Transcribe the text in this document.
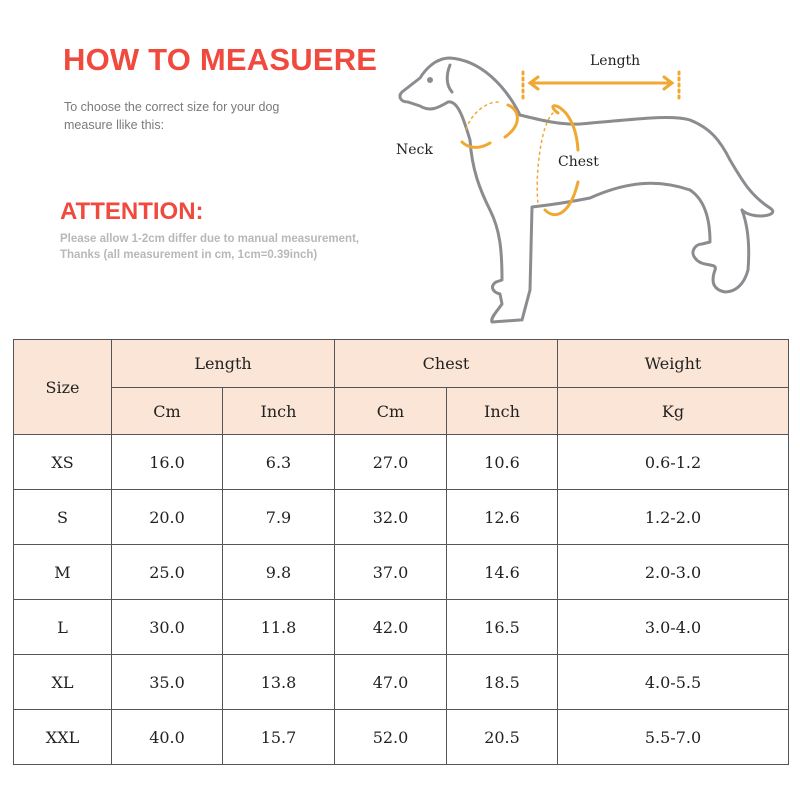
HOW TO MEASUERE
To choose the correct size for your dog
measure llike this:
ATTENTION:
Please allow 1-2cm differ due to manual measurement,
Thanks (all measurement in cm, 1cm=0.39inch)
Length
Neck
Chest
Size	Length		Chest		Weight
	Cm	Inch	Cm	Inch	Kg
XS	16.0	6.3	27.0	10.6	0.6-1.2
S	20.0	7.9	32.0	12.6	1.2-2.0
M	25.0	9.8	37.0	14.6	2.0-3.0
L	30.0	11.8	42.0	16.5	3.0-4.0
XL	35.0	13.8	47.0	18.5	4.0-5.5
XXL	40.0	15.7	52.0	20.5	5.5-7.0
